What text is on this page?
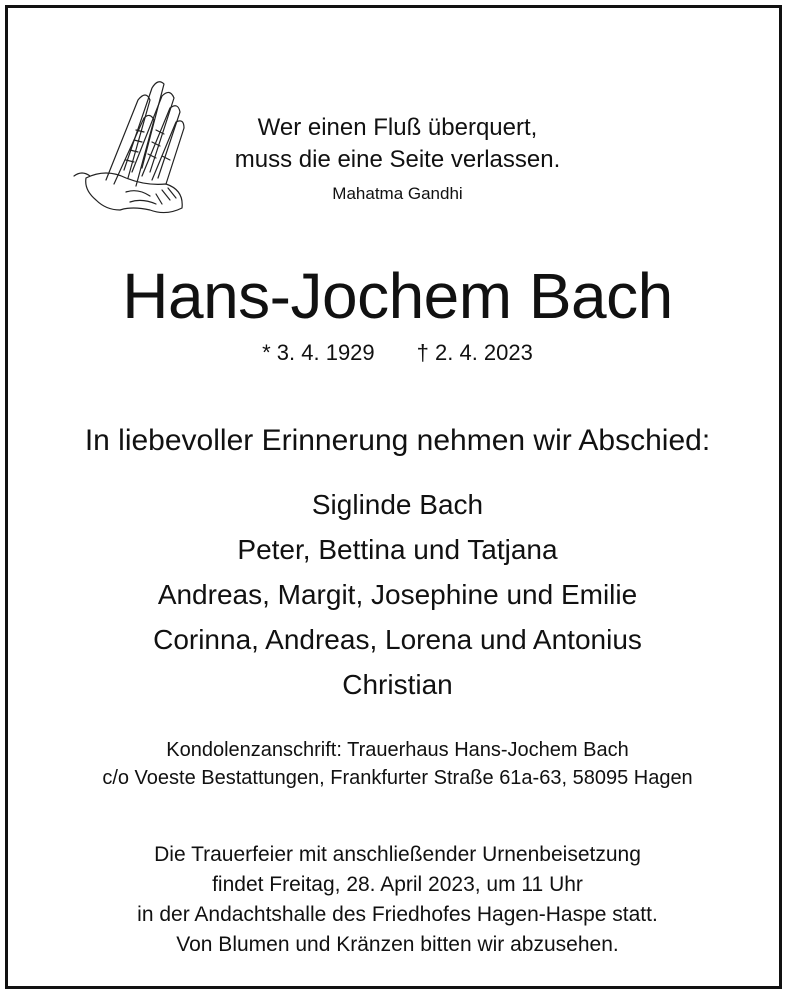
Wer einen Fluß überquert,
muss die eine Seite verlassen.
Mahatma Gandhi
Hans-Jochem Bach
* 3. 4. 1929 † 2. 4. 2023
In liebevoller Erinnerung nehmen wir Abschied:
Siglinde Bach
Peter, Bettina und Tatjana
Andreas, Margit, Josephine und Emilie
Corinna, Andreas, Lorena und Antonius
Christian
Kondolenzanschrift: Trauerhaus Hans-Jochem Bach
c/o Voeste Bestattungen, Frankfurter Straße 61a-63, 58095 Hagen
Die Trauerfeier mit anschließender Urnenbeisetzung
findet Freitag, 28. April 2023, um 11 Uhr
in der Andachtshalle des Friedhofes Hagen-Haspe statt.
Von Blumen und Kränzen bitten wir abzusehen.
